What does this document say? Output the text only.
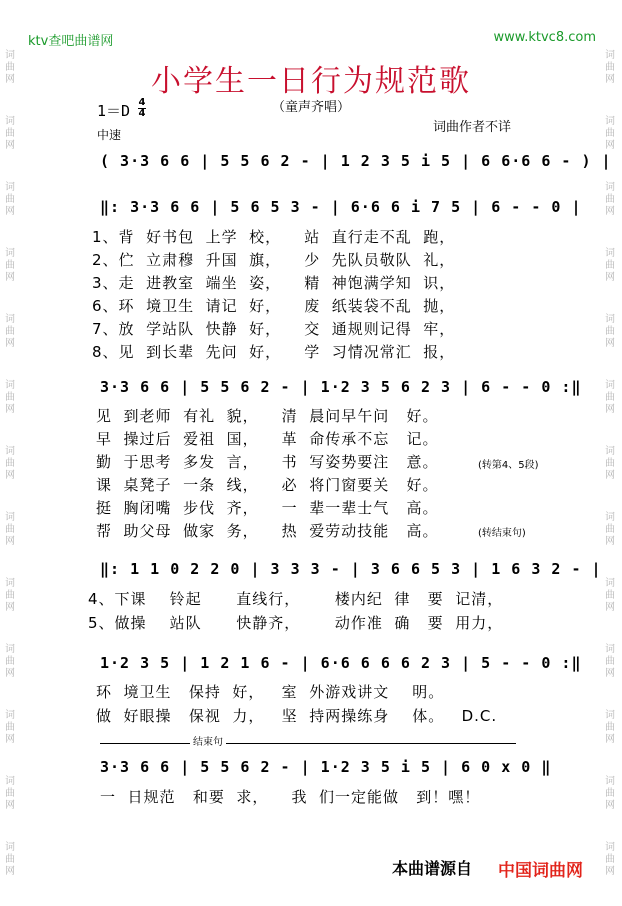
ktv查吧曲谱网	www.ktvc8.com
小学生一日行为规范歌
（童声齐唱）
1＝D 4
4
中速	词曲作者不详
( 3·3 6 6 | 5 5 6 2 - | 1 2 3 5 i 5 | 6 6·6 6 - ) |
‖: 3·3 6 6 | 5 6 5 3 - | 6·6 6 i 7 5 | 6 - - 0 |
1、背  好书包  上学  校，    站  直行走不乱  跑，
2、伫  立肃穆  升国  旗，    少  先队员敬队  礼，
3、走  进教室  端坐  姿，    精  神饱满学知  识，
6、环  境卫生  请记  好，    废  纸装袋不乱  抛，
7、放  学站队  快静  好，    交  通规则记得  牢，
8、见  到长辈  先问  好，    学  习情况常汇  报，
3·3 6 6 | 5 5 6 2 - | 1·2 3 5 6 2 3 | 6 - - 0 :‖
见  到老师  有礼  貌，    清  晨问早午问   好。
早  操过后  爱祖  国，    革  命传承不忘   记。
勤  于思考  多发  言，    书  写姿势要注   意。	(转第4、5段)
课  桌凳子  一条  线，    必  将门窗要关   好。
挺  胸闭嘴  步伐  齐，    一  辈一辈士气   高。
帮  助父母  做家  务，    热  爱劳动技能   高。	(转结束句)
‖: 1 1 0 2 2 0 | 3 3 3 - | 3 6 6 5 3 | 1 6 3 2 - |
4、下课    铃起      直线行，      楼内纪  律   要  记清，
5、做操    站队      快静齐，      动作准  确   要  用力，
1·2 3 5 | 1 2 1 6 - | 6·6 6 6 6 2 3 | 5 - - 0 :‖
环  境卫生   保持  好，   室  外游戏讲文    明。
做  好眼操   保视  力，   坚  持两操练身    体。   D.C.
结束句
3·3 6 6 | 5 5 6 2 - | 1·2 3 5 i 5 | 6 0 x 0 ‖
一  日规范   和要  求，    我  们一定能做   到！嘿！
本曲谱源自 中国词曲网
词
曲
网
词
曲
网
词
曲
网
词
曲
网
词
曲
网
词
曲
网
词
曲
网
词
曲
网
词
曲
网
词
曲
网
词
曲
网
词
曲
网
词
曲
网
词
曲
网
词
曲
网
词
曲
网
词
曲
网
词
曲
网
词
曲
网
词
曲
网
词
曲
网
词
曲
网
词
曲
网
词
曲
网
词
曲
网
词
曲
网
